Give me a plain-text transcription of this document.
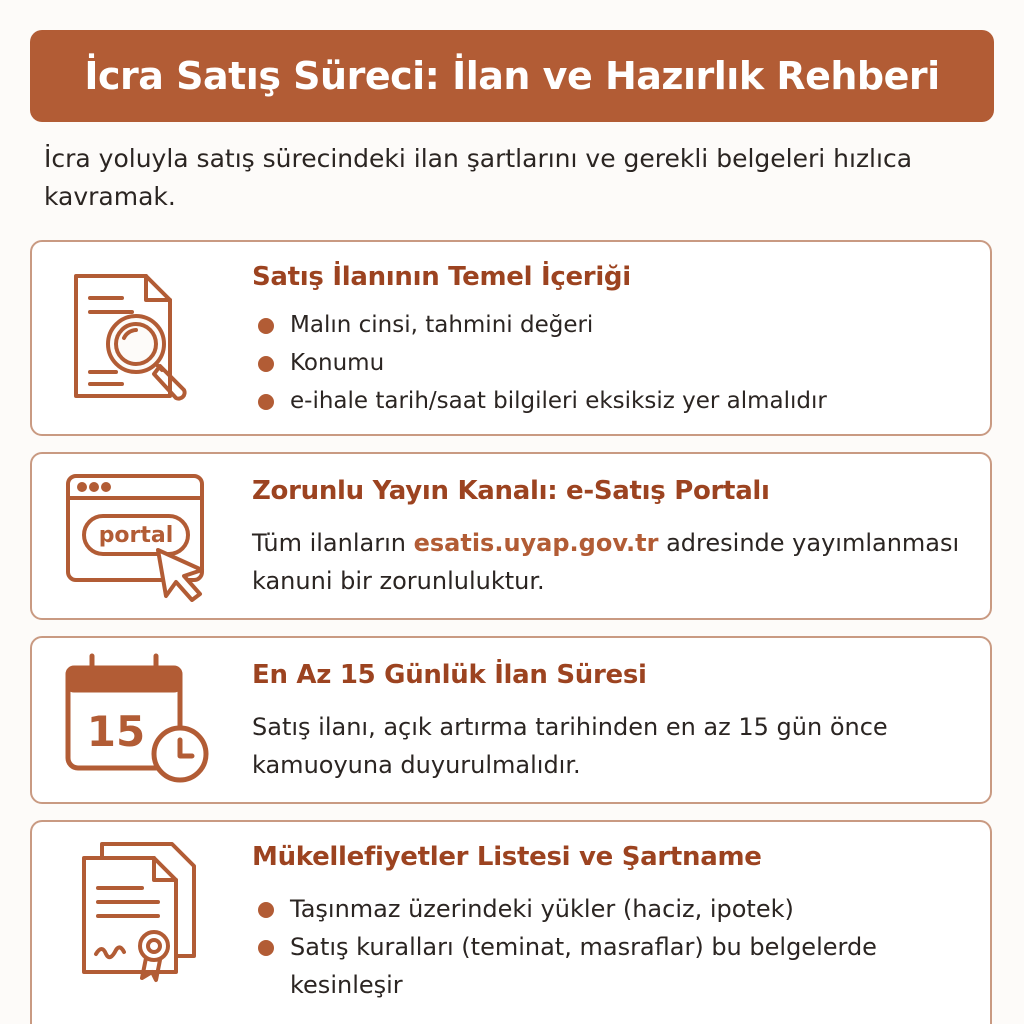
İcra Satış Süreci: İlan ve Hazırlık Rehberi
İcra yoluyla satış sürecindeki ilan şartlarını ve gerekli belgeleri hızlıca kavramak.
Satış İlanının Temel İçeriği
Malın cinsi, tahmini değeri
Konumu
e-ihale tarih/saat bilgileri eksiksiz yer almalıdır
portal
Zorunlu Yayın Kanalı: e-Satış Portalı
Tüm ilanların esatis.uyap.gov.tr adresinde yayımlanması kanuni bir zorunluluktur.
15
En Az 15 Günlük İlan Süresi
Satış ilanı, açık artırma tarihinden en az 15 gün önce kamuoyuna duyurulmalıdır.
Mükellefiyetler Listesi ve Şartname
Taşınmaz üzerindeki yükler (haciz, ipotek)
Satış kuralları (teminat, masraflar) bu belgelerde kesinleşir
